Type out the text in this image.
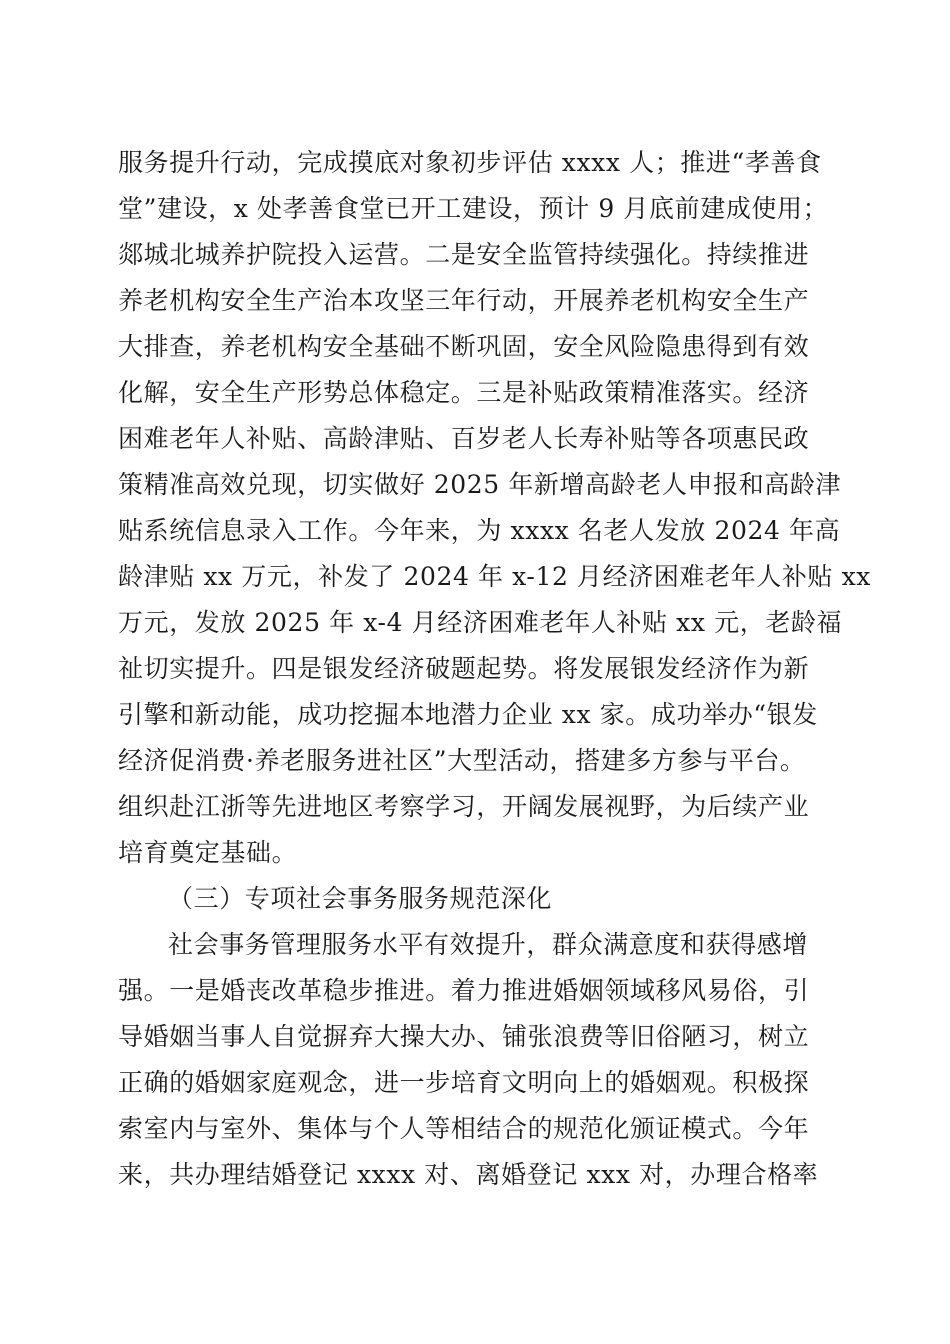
服务提升行动，完成摸底对象初步评估 xxxx 人；推进“孝善食
堂”建设，x 处孝善食堂已开工建设，预计 9 月底前建成使用；
郯城北城养护院投入运营。二是安全监管持续强化。持续推进
养老机构安全生产治本攻坚三年行动，开展养老机构安全生产
大排查，养老机构安全基础不断巩固，安全风险隐患得到有效
化解，安全生产形势总体稳定。三是补贴政策精准落实。经济
困难老年人补贴、高龄津贴、百岁老人长寿补贴等各项惠民政
策精准高效兑现，切实做好 2025 年新增高龄老人申报和高龄津
贴系统信息录入工作。今年来，为 xxxx 名老人发放 2024 年高
龄津贴 xx 万元，补发了 2024 年 x-12 月经济困难老年人补贴 xx
万元，发放 2025 年 x-4 月经济困难老年人补贴 xx 元，老龄福
祉切实提升。四是银发经济破题起势。将发展银发经济作为新
引擎和新动能，成功挖掘本地潜力企业 xx 家。成功举办“银发
经济促消费·养老服务进社区”大型活动，搭建多方参与平台。
组织赴江浙等先进地区考察学习，开阔发展视野，为后续产业
培育奠定基础。
（三）专项社会事务服务规范深化
社会事务管理服务水平有效提升，群众满意度和获得感增
强。一是婚丧改革稳步推进。着力推进婚姻领域移风易俗，引
导婚姻当事人自觉摒弃大操大办、铺张浪费等旧俗陋习，树立
正确的婚姻家庭观念，进一步培育文明向上的婚姻观。积极探
索室内与室外、集体与个人等相结合的规范化颁证模式。今年
来，共办理结婚登记 xxxx 对、离婚登记 xxx 对，办理合格率
